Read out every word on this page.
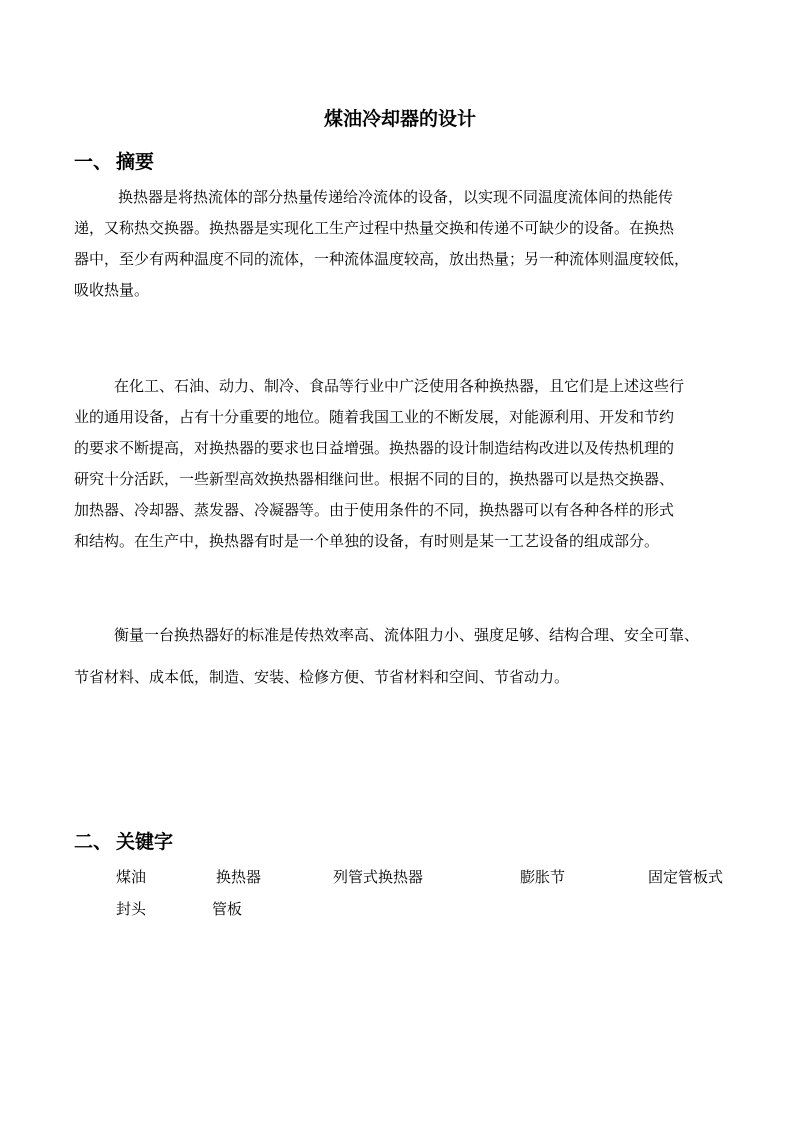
煤油冷却器的设计
一、 摘要
换热器是将热流体的部分热量传递给冷流体的设备，以实现不同温度流体间的热能传
递，又称热交换器。换热器是实现化工生产过程中热量交换和传递不可缺少的设备。在换热
器中，至少有两种温度不同的流体，一种流体温度较高，放出热量；另一种流体则温度较低，
吸收热量。
在化工、石油、动力、制冷、食品等行业中广泛使用各种换热器，且它们是上述这些行
业的通用设备，占有十分重要的地位。随着我国工业的不断发展，对能源利用、开发和节约
的要求不断提高，对换热器的要求也日益增强。换热器的设计制造结构改进以及传热机理的
研究十分活跃，一些新型高效换热器相继问世。根据不同的目的，换热器可以是热交换器、
加热器、冷却器、蒸发器、冷凝器等。由于使用条件的不同，换热器可以有各种各样的形式
和结构。在生产中，换热器有时是一个单独的设备，有时则是某一工艺设备的组成部分。
衡量一台换热器好的标准是传热效率高、流体阻力小、强度足够、结构合理、安全可靠、
节省材料、成本低，制造、安装、检修方便、节省材料和空间、节省动力。
二、 关键字
煤油	换热器	列管式换热器	膨胀节	固定管板式
封头	管板
